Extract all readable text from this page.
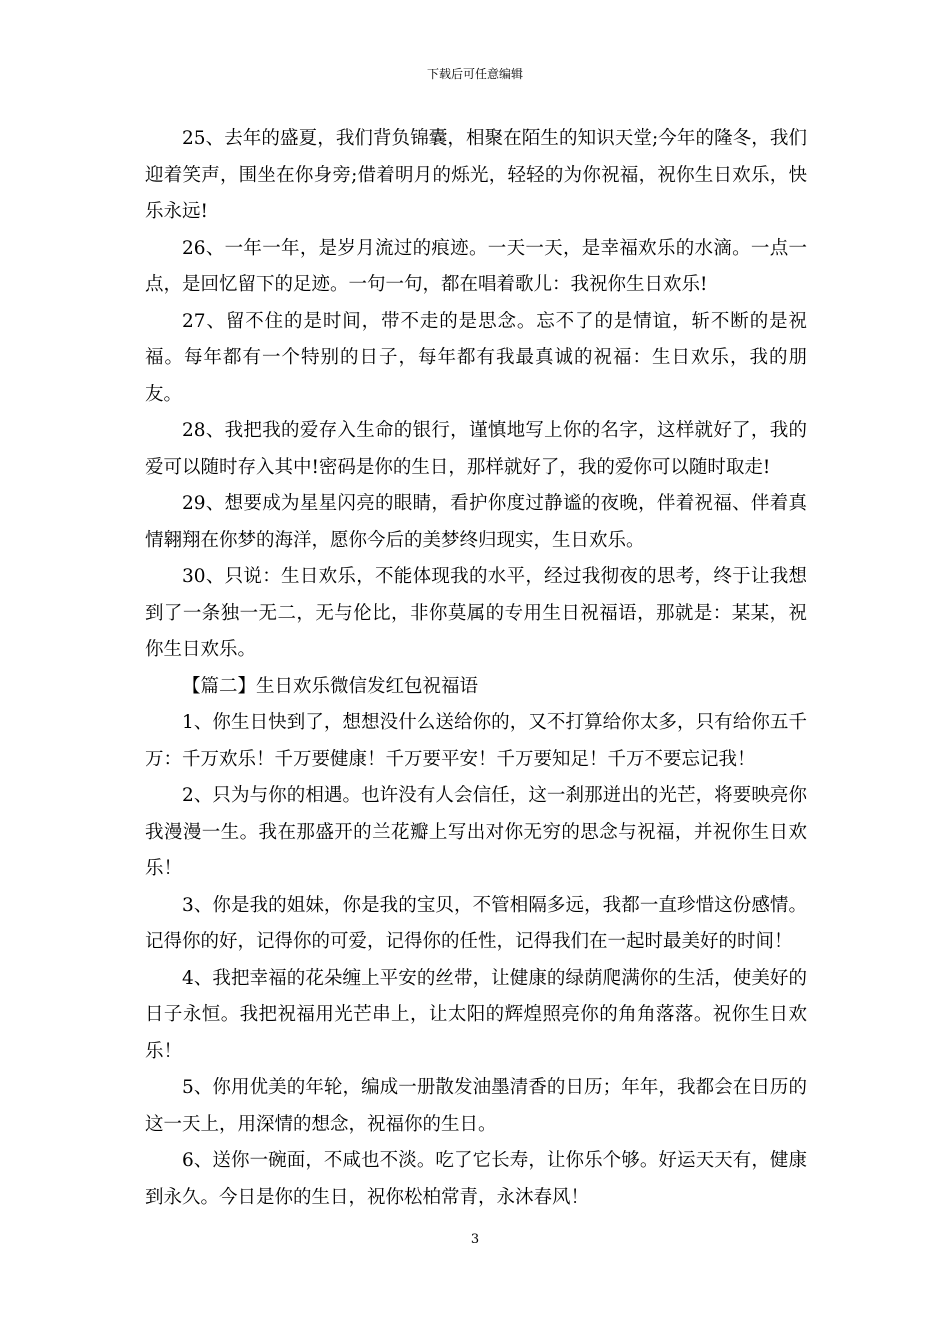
下载后可任意编辑

25、去年的盛夏，我们背负锦囊，相聚在陌生的知识天堂;今年的隆冬，我们迎着笑声，围坐在你身旁;借着明月的烁光，轻轻的为你祝福，祝你生日欢乐，快乐永远!

26、一年一年，是岁月流过的痕迹。一天一天，是幸福欢乐的水滴。一点一点，是回忆留下的足迹。一句一句，都在唱着歌儿：我祝你生日欢乐!

27、留不住的是时间，带不走的是思念。忘不了的是情谊，斩不断的是祝福。每年都有一个特别的日子，每年都有我最真诚的祝福：生日欢乐，我的朋友。

28、我把我的爱存入生命的银行，谨慎地写上你的名字，这样就好了，我的爱可以随时存入其中!密码是你的生日，那样就好了，我的爱你可以随时取走!

29、想要成为星星闪亮的眼睛，看护你度过静谧的夜晚，伴着祝福、伴着真情翱翔在你梦的海洋，愿你今后的美梦终归现实，生日欢乐。

30、只说：生日欢乐，不能体现我的水平，经过我彻夜的思考，终于让我想到了一条独一无二，无与伦比，非你莫属的专用生日祝福语，那就是：某某，祝你生日欢乐。

【篇二】生日欢乐微信发红包祝福语

1、你生日快到了，想想没什么送给你的，又不打算给你太多，只有给你五千万：千万欢乐！千万要健康！千万要平安！千万要知足！千万不要忘记我！

2、只为与你的相遇。也许没有人会信任，这一刹那迸出的光芒，将要映亮你我漫漫一生。我在那盛开的兰花瓣上写出对你无穷的思念与祝福，并祝你生日欢乐！

3、你是我的姐妹，你是我的宝贝，不管相隔多远，我都一直珍惜这份感情。记得你的好，记得你的可爱，记得你的任性，记得我们在一起时最美好的时间！

4、我把幸福的花朵缠上平安的丝带，让健康的绿荫爬满你的生活，使美好的日子永恒。我把祝福用光芒串上，让太阳的辉煌照亮你的角角落落。祝你生日欢乐！

5、你用优美的年轮，编成一册散发油墨清香的日历；年年，我都会在日历的这一天上，用深情的想念，祝福你的生日。

6、送你一碗面，不咸也不淡。吃了它长寿，让你乐个够。好运天天有，健康到永久。今日是你的生日，祝你松柏常青，永沐春风！

3
